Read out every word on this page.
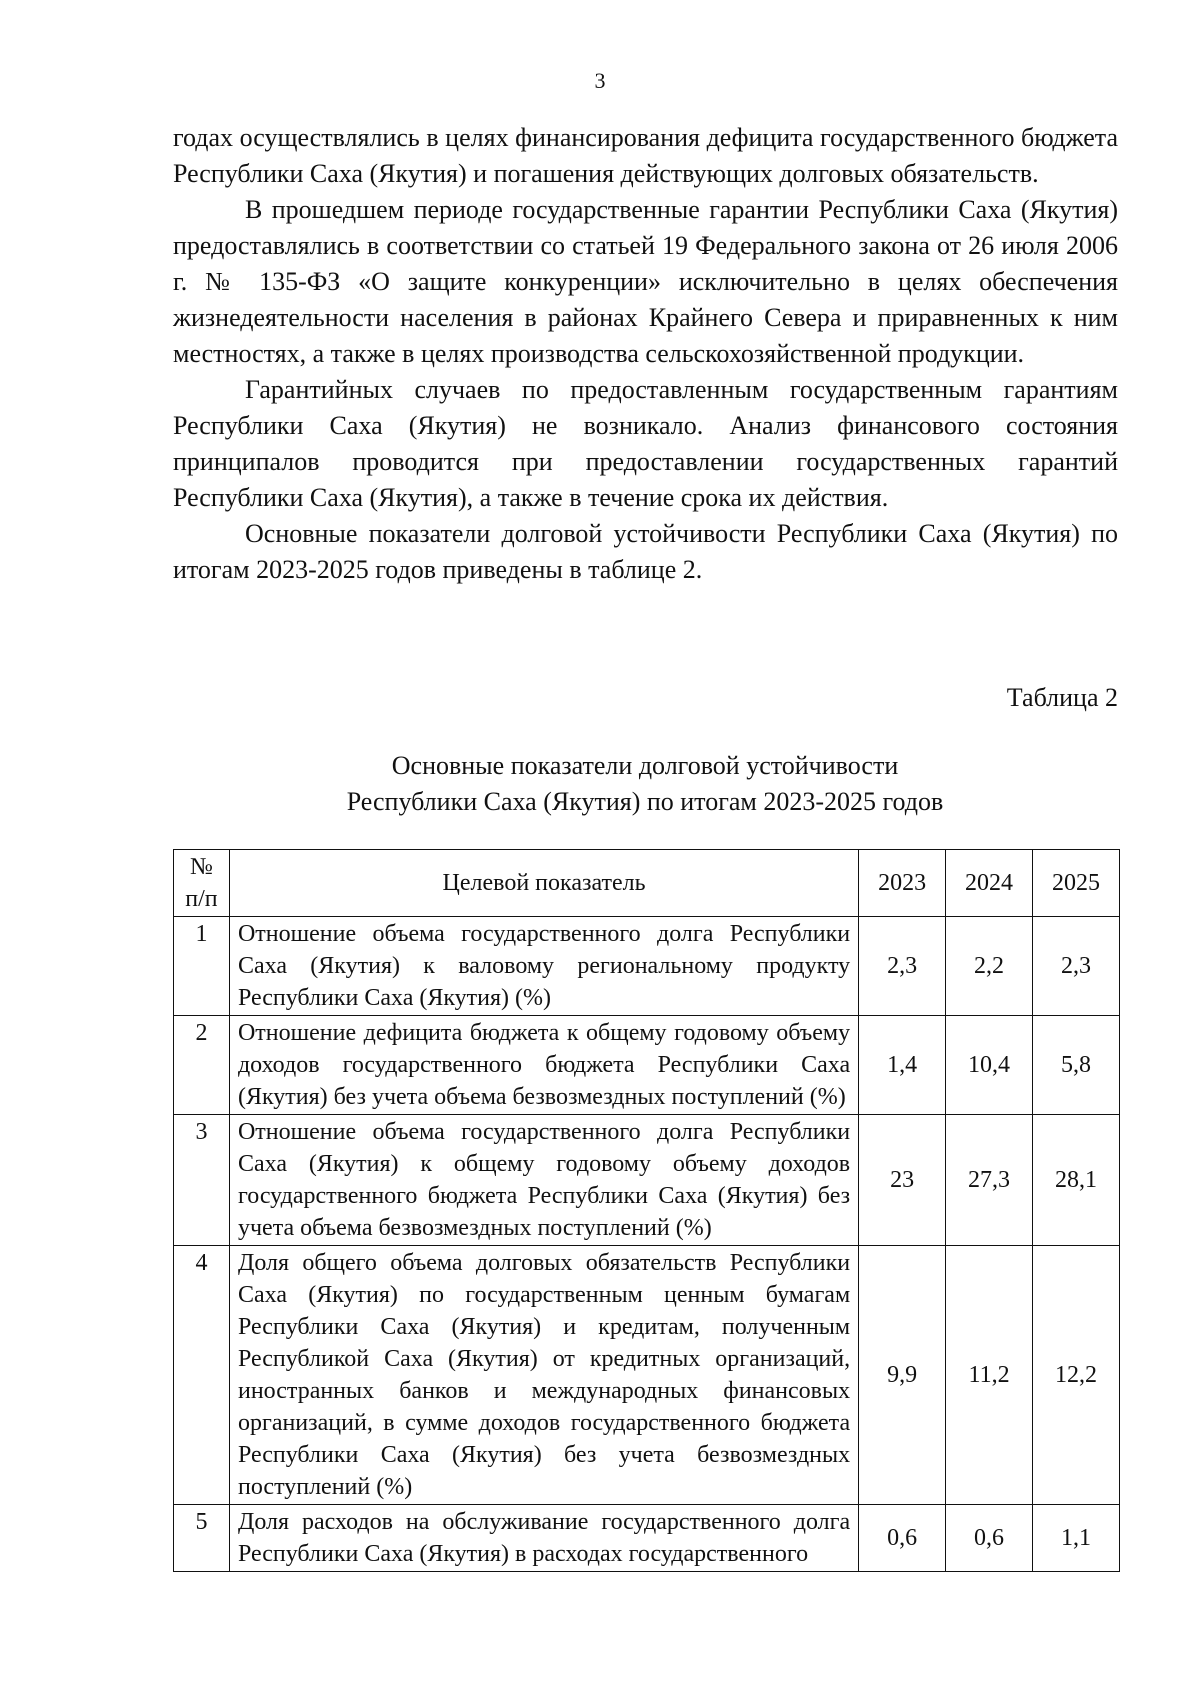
3

годах осуществлялись в целях финансирования дефицита государственного бюджета Республики Саха (Якутия) и погашения действующих долговых обязательств.

В прошедшем периоде государственные гарантии Республики Саха (Якутия) предоставлялись в соответствии со статьей 19 Федерального закона от 26 июля 2006 г. № 135-ФЗ «О защите конкуренции» исключительно в целях обеспечения жизнедеятельности населения в районах Крайнего Севера и приравненных к ним местностях, а также в целях производства сельскохозяйственной продукции.

Гарантийных случаев по предоставленным государственным гарантиям Республики Саха (Якутия) не возникало. Анализ финансового состояния принципалов проводится при предоставлении государственных гарантий Республики Саха (Якутия), а также в течение срока их действия.

Основные показатели долговой устойчивости Республики Саха (Якутия) по итогам 2023-2025 годов приведены в таблице 2.

Таблица 2
Основные показатели долговой устойчивости
Республики Саха (Якутия) по итогам 2023-2025 годов
№ п/п	Целевой показатель	2023	2024	2025
1	Отношение объема государственного долга Республики Саха (Якутия) к валовому региональному продукту Республики Саха (Якутия) (%)	2,3	2,2	2,3
2	Отношение дефицита бюджета к общему годовому объему доходов государственного бюджета Республики Саха (Якутия) без учета объема безвозмездных поступлений (%)	1,4	10,4	5,8
3	Отношение объема государственного долга Республики Саха (Якутия) к общему годовому объему доходов государственного бюджета Республики Саха (Якутия) без учета объема безвозмездных поступлений (%)	23	27,3	28,1
4	Доля общего объема долговых обязательств Республики Саха (Якутия) по государственным ценным бумагам Республики Саха (Якутия) и кредитам, полученным Республикой Саха (Якутия) от кредитных организаций, иностранных банков и международных финансовых организаций, в сумме доходов государственного бюджета Республики Саха (Якутия) без учета безвозмездных поступлений (%)	9,9	11,2	12,2
5	Доля расходов на обслуживание государственного долга Республики Саха (Якутия) в расходах государственного	0,6	0,6	1,1
